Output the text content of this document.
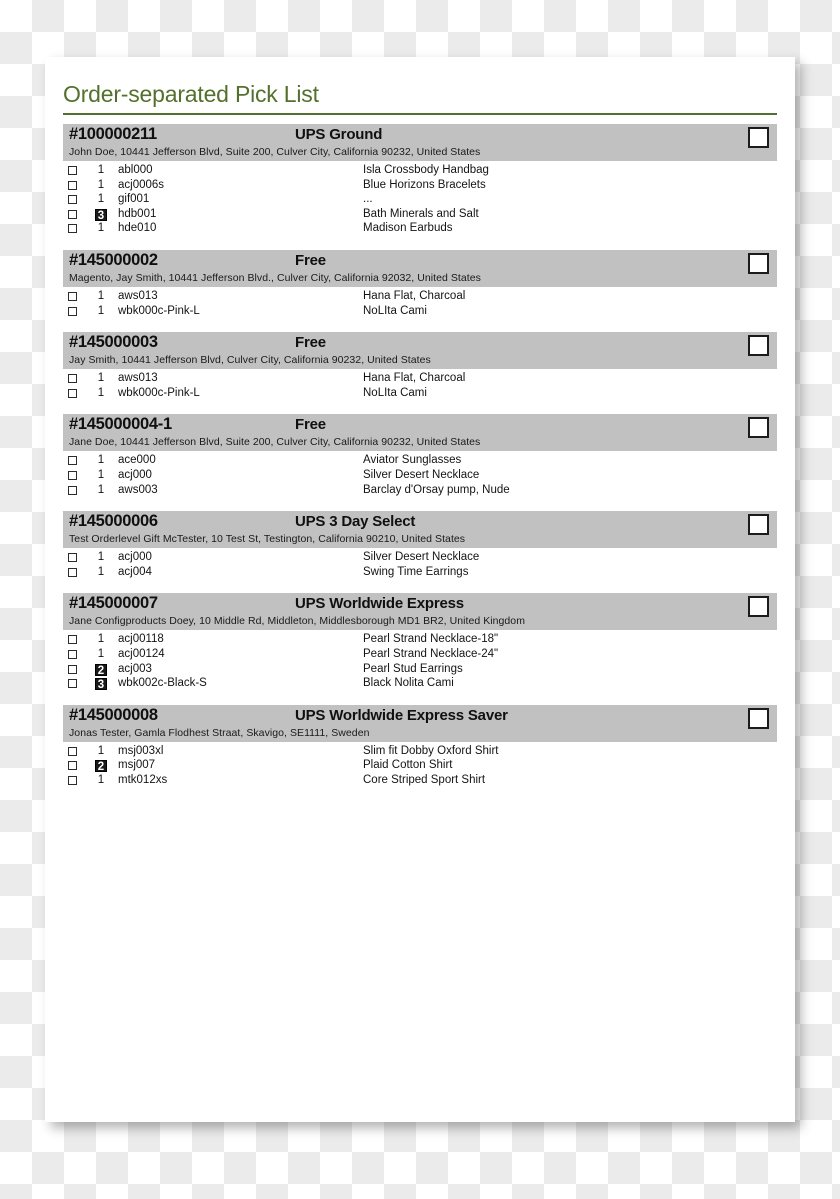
Order-separated Pick List
#100000211	UPS Ground
John Doe, 10441 Jefferson Blvd, Suite 200, Culver City, California 90232, United States
1	abl000	Isla Crossbody Handbag
1	acj0006s	Blue Horizons Bracelets
1	gif001	...
3 hdb001	Bath Minerals and Salt
1	hde010	Madison Earbuds
#145000002	Free
Magento, Jay Smith, 10441 Jefferson Blvd., Culver City, California 92032, United States
1	aws013	Hana Flat, Charcoal
1	wbk000c-Pink-L	NoLIta Cami
#145000003	Free
Jay Smith, 10441 Jefferson Blvd, Culver City, California 90232, United States
1	aws013	Hana Flat, Charcoal
1	wbk000c-Pink-L	NoLIta Cami
#145000004-1	Free
Jane Doe, 10441 Jefferson Blvd, Suite 200, Culver City, California 90232, United States
1	ace000	Aviator Sunglasses
1	acj000	Silver Desert Necklace
1	aws003	Barclay d'Orsay pump, Nude
#145000006	UPS 3 Day Select
Test Orderlevel Gift McTester, 10 Test St, Testington, California 90210, United States
1	acj000	Silver Desert Necklace
1	acj004	Swing Time Earrings
#145000007	UPS Worldwide Express
Jane Configproducts Doey, 10 Middle Rd, Middleton, Middlesborough MD1 BR2, United Kingdom
1	acj00118	Pearl Strand Necklace-18"
1	acj00124	Pearl Strand Necklace-24"
2 acj003	Pearl Stud Earrings
3 wbk002c-Black-S	Black Nolita Cami
#145000008	UPS Worldwide Express Saver
Jonas Tester, Gamla Flodhest Straat, Skavigo, SE1111, Sweden
1	msj003xl	Slim fit Dobby Oxford Shirt
2 msj007	Plaid Cotton Shirt
1	mtk012xs	Core Striped Sport Shirt
